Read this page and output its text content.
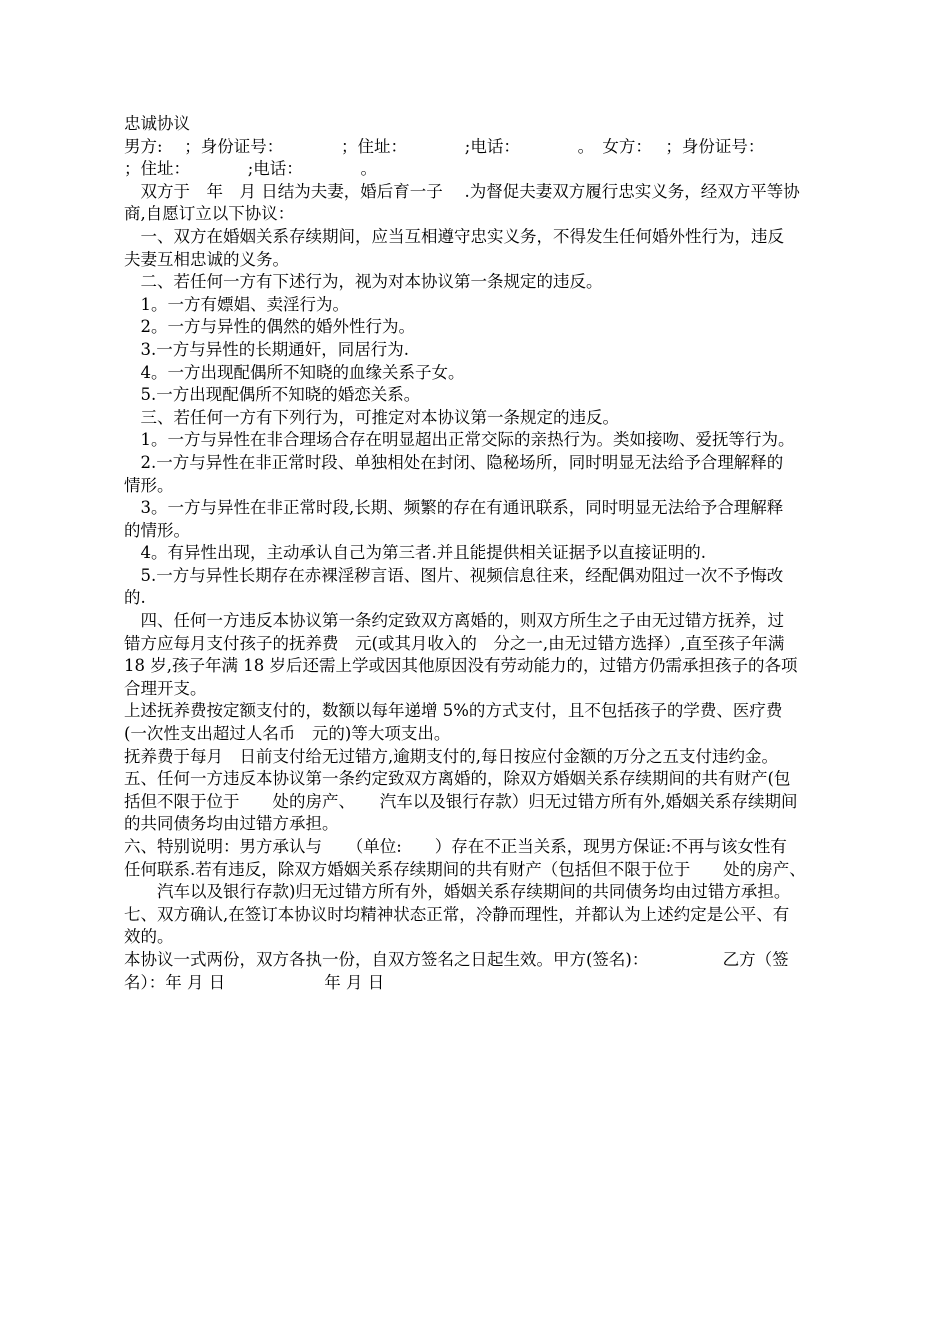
忠诚协议

男方:　 ；身份证号：　　　　；住址：　　　　;电话：　　　　。　女方：　 ；身份证号：

；住址：　　　　;电话：　　　　。

　双方于　年　月 日结为夫妻，婚后育一子　 .为督促夫妻双方履行忠实义务，经双方平等协

商,自愿订立以下协议：

　一、双方在婚姻关系存续期间，应当互相遵守忠实义务，不得发生任何婚外性行为，违反

夫妻互相忠诚的义务。

　二、若任何一方有下述行为，视为对本协议第一条规定的违反。

　1。一方有嫖娼、卖淫行为。

　2。一方与异性的偶然的婚外性行为。

　3.一方与异性的长期通奸，同居行为.

　4。一方出现配偶所不知晓的血缘关系子女。

　5.一方出现配偶所不知晓的婚恋关系。

　三、若任何一方有下列行为，可推定对本协议第一条规定的违反。

　1。一方与异性在非合理场合存在明显超出正常交际的亲热行为。类如接吻、爱抚等行为。

　2.一方与异性在非正常时段、单独相处在封闭、隐秘场所，同时明显无法给予合理解释的

情形。

　3。一方与异性在非正常时段,长期、频繁的存在有通讯联系，同时明显无法给予合理解释

的情形。

　4。有异性出现，主动承认自己为第三者.并且能提供相关证据予以直接证明的.

　5.一方与异性长期存在赤裸淫秽言语、图片、视频信息往来，经配偶劝阻过一次不予悔改

的.

　四、任何一方违反本协议第一条约定致双方离婚的，则双方所生之子由无过错方抚养，过

错方应每月支付孩子的抚养费　元(或其月收入的　分之一,由无过错方选择）,直至孩子年满

18 岁,孩子年满 18 岁后还需上学或因其他原因没有劳动能力的，过错方仍需承担孩子的各项

合理开支。

上述抚养费按定额支付的，数额以每年递增 5%的方式支付，且不包括孩子的学费、医疗费

(一次性支出超过人名币　元的)等大项支出。

抚养费于每月　日前支付给无过错方,逾期支付的,每日按应付金额的万分之五支付违约金。

五、任何一方违反本协议第一条约定致双方离婚的，除双方婚姻关系存续期间的共有财产(包

括但不限于位于　　处的房产、　　汽车以及银行存款）归无过错方所有外,婚姻关系存续期间

的共同债务均由过错方承担。

六、特别说明：男方承认与　　（单位:　　）存在不正当关系，现男方保证:不再与该女性有

任何联系.若有违反，除双方婚姻关系存续期间的共有财产（包括但不限于位于　　处的房产、

　　汽车以及银行存款)归无过错方所有外，婚姻关系存续期间的共同债务均由过错方承担。

七、双方确认,在签订本协议时均精神状态正常，冷静而理性，并都认为上述约定是公平、有

效的。

本协议一式两份，双方各执一份，自双方签名之日起生效。甲方(签名)：　　　　　乙方（签

名）：年 月 日　　　　　　年 月 日
